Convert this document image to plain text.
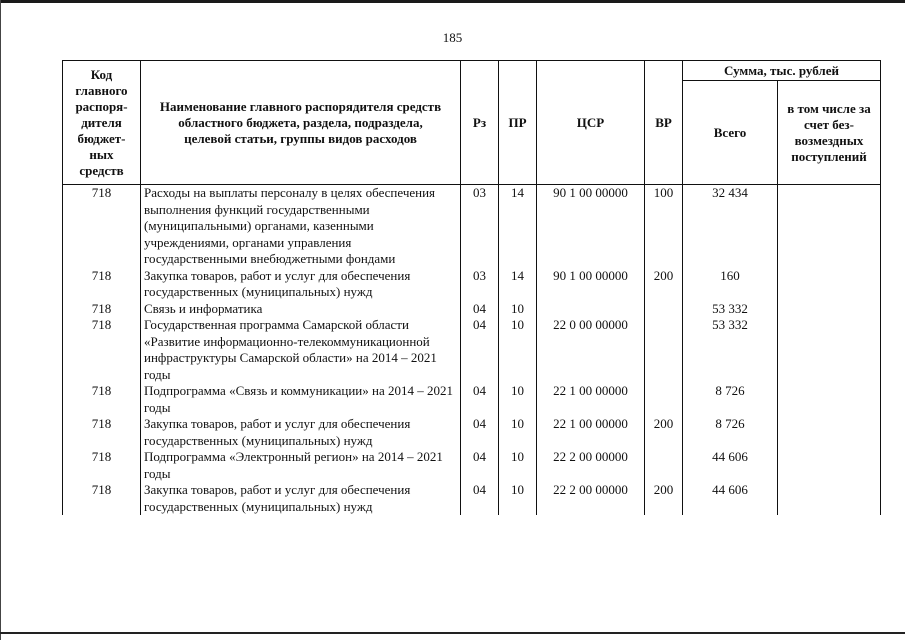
185
Код главного распоря-дителя бюджет-ных средств	Наименование главного распорядителя средств областного бюджета, раздела, подраздела, целевой статьи, группы видов расходов	Рз	ПР	ЦСР	ВР	Сумма, тыс. рублей	
						Всего	в том числе за счет без-возмездных поступлений
718	Расходы на выплаты персоналу в целях обеспечения выполнения функций государственными (муниципальными) органами, казенными учреждениями, органами управления государственными внебюджетными фондами	03	14	90 1 00 00000	100	32 434	
718	Закупка товаров, работ и услуг для обеспечения государственных (муниципальных) нужд	03	14	90 1 00 00000	200	160	
718	Связь и информатика	04	10			53 332	
718	Государственная программа Самарской области «Развитие информационно-телекоммуникационной инфраструктуры Самарской области» на 2014 – 2021 годы	04	10	22 0 00 00000		53 332	
718	Подпрограмма «Связь и коммуникации» на 2014 – 2021 годы	04	10	22 1 00 00000		8 726	
718	Закупка товаров, работ и услуг для обеспечения государственных (муниципальных) нужд	04	10	22 1 00 00000	200	8 726	
718	Подпрограмма «Электронный регион» на 2014 – 2021 годы	04	10	22 2 00 00000		44 606	
718	Закупка товаров, работ и услуг для обеспечения государственных (муниципальных) нужд	04	10	22 2 00 00000	200	44 606	
